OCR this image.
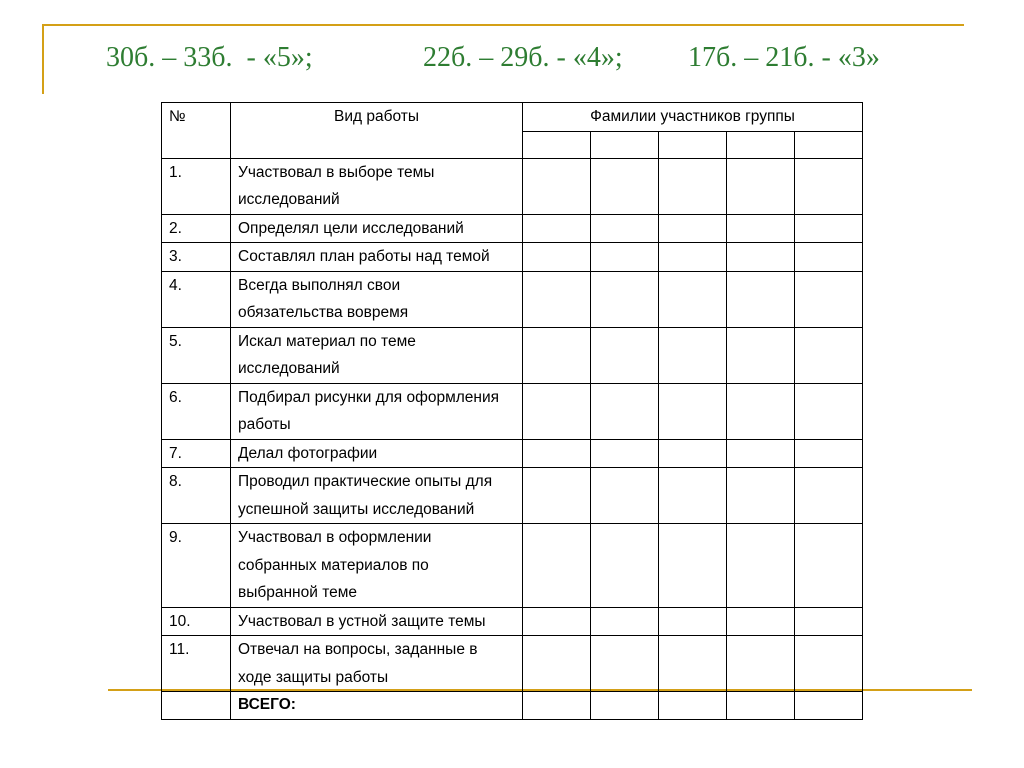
30б. – 33б.  - «5»;	22б. – 29б. - «4»; 17б. – 21б. - «3»
№	Вид работы	Фамилии участников группы				

1.	Участвовал в выборе темы
исследований					

2.	Определял цели исследований					

3.	Составлял план работы над темой					

4.	Всегда выполнял свои
обязательства вовремя					

5.	Искал материал по теме
исследований					

6.	Подбирал рисунки для оформления
работы					

7.	Делал фотографии					

8.	Проводил практические опыты для
успешной защиты исследований					

9.	Участвовал в оформлении
собранных материалов по
выбранной теме					

10.	Участвовал в устной защите темы					

11.	Отвечал на вопросы, заданные в
ходе защиты работы					

	ВСЕГО:					
